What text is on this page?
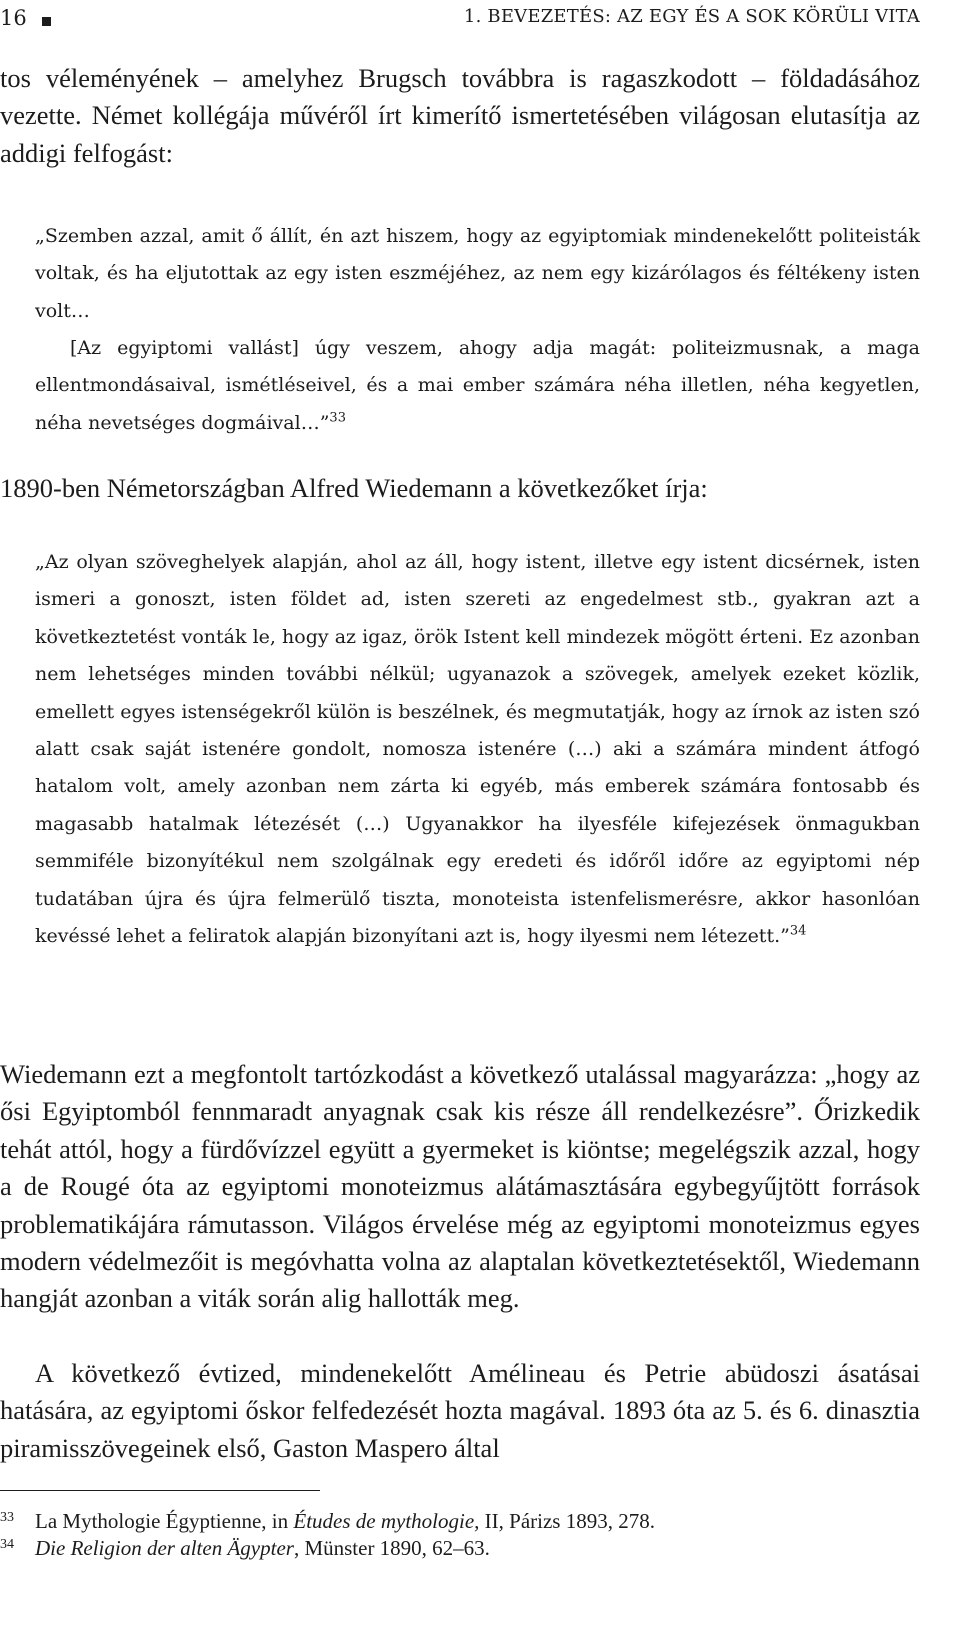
16	1. BEVEZETÉS: AZ EGY ÉS A SOK KÖRÜLI VITA

tos véleményének – amelyhez Brugsch továbbra is ragaszkodott – földadásához vezette. Német kollégája művéről írt kimerítő ismertetésében világosan elutasítja az addigi felfogást:

„Szemben azzal, amit ő állít, én azt hiszem, hogy az egyiptomiak mindenekelőtt politeisták voltak, és ha eljutottak az egy isten eszméjéhez, az nem egy kizárólagos és féltékeny isten volt…

[Az egyiptomi vallást] úgy veszem, ahogy adja magát: politeizmusnak, a maga ellentmondásaival, ismétléseivel, és a mai ember számára néha illetlen, néha kegyetlen, néha nevetséges dogmáival…”$^{33}$

1890-ben Németországban Alfred Wiedemann a következőket írja:

„Az olyan szöveghelyek alapján, ahol az áll, hogy istent, illetve egy istent dicsérnek, isten ismeri a gonoszt, isten földet ad, isten szereti az engedelmest stb., gyakran azt a következtetést vonták le, hogy az igaz, örök Istent kell mindezek mögött érteni. Ez azonban nem lehetséges minden további nélkül; ugyanazok a szövegek, amelyek ezeket közlik, emellett egyes istenségekről külön is beszélnek, és megmutatják, hogy az írnok az isten szó alatt csak saját istenére gondolt, nomosza istenére (…) aki a számára mindent átfogó hatalom volt, amely azonban nem zárta ki egyéb, más emberek számára fontosabb és magasabb hatalmak létezését (…) Ugyanakkor ha ilyesféle kifejezések önmagukban semmiféle bizonyítékul nem szolgálnak egy eredeti és időről időre az egyiptomi nép tudatában újra és újra felmerülő tiszta, monoteista istenfelismerésre, akkor hasonlóan kevéssé lehet a feliratok alapján bizonyítani azt is, hogy ilyesmi nem létezett.”$^{34}$

Wiedemann ezt a megfontolt tartózkodást a következő utalással magyarázza: „hogy az ősi Egyiptomból fennmaradt anyagnak csak kis része áll rendelkezésre”. Őrizkedik tehát attól, hogy a fürdővízzel együtt a gyermeket is kiöntse; megelégszik azzal, hogy a de Rougé óta az egyiptomi monoteizmus alátámasztására egybegyűjtött források problematikájára rámutasson. Világos érvelése még az egyiptomi monoteizmus egyes modern védelmezőit is megóvhatta volna az alaptalan következtetésektől, Wiedemann hangját azonban a viták során alig hallották meg.

A következő évtized, mindenekelőtt Amélineau és Petrie abüdoszi ásatásai hatására, az egyiptomi őskor felfedezését hozta magával. 1893 óta az 5. és 6. dinasztia piramisszövegeinek első, Gaston Maspero által

33 La Mythologie Égyptienne, in Études de mythologie, II, Párizs 1893, 278.

34 Die Religion der alten Ägypter, Münster 1890, 62–63.
